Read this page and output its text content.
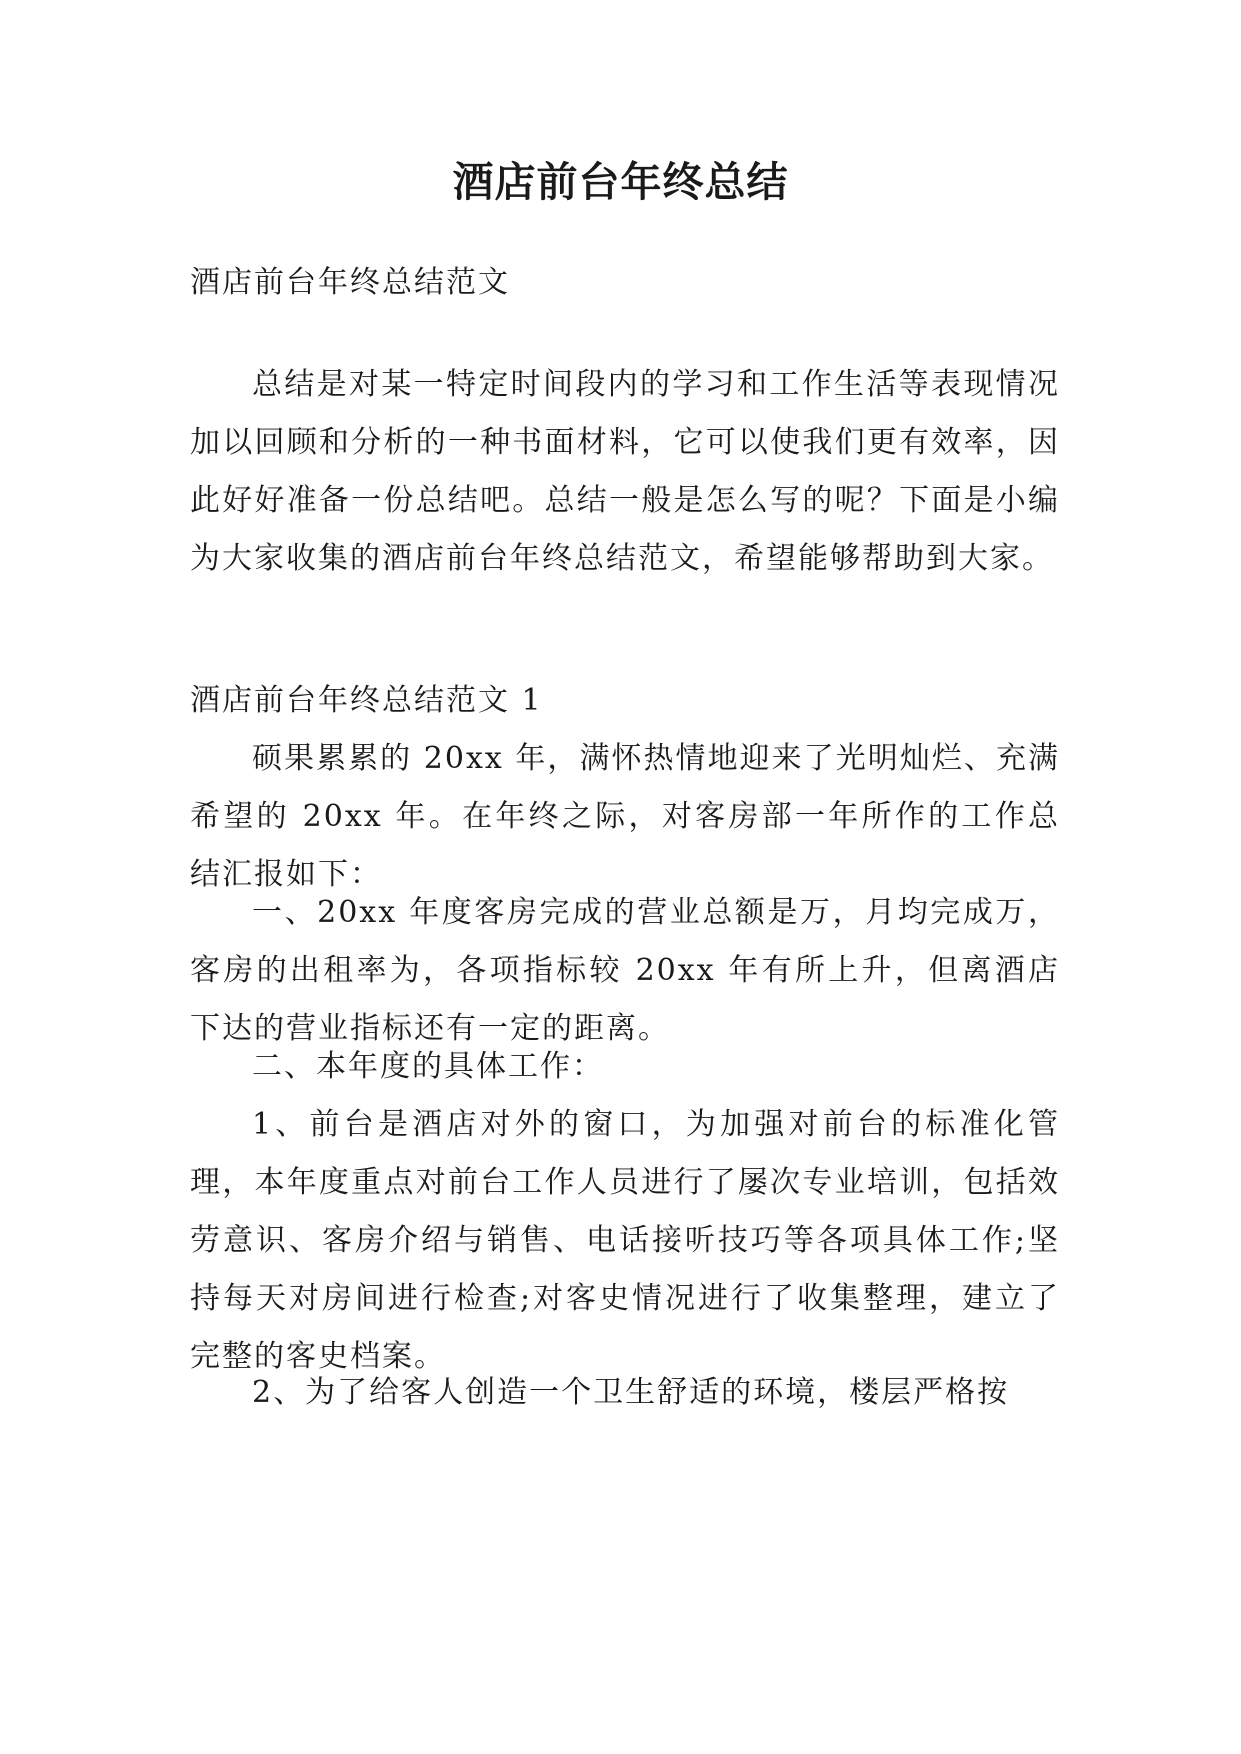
酒店前台年终总结
酒店前台年终总结范文
总结是对某一特定时间段内的学习和工作生活等表现情况加以回顾和分析的一种书面材料，它可以使我们更有效率，因此好好准备一份总结吧。总结一般是怎么写的呢？下面是小编为大家收集的酒店前台年终总结范文，希望能够帮助到大家。
酒店前台年终总结范文 1
硕果累累的 20xx 年，满怀热情地迎来了光明灿烂、充满希望的 20xx 年。在年终之际，对客房部一年所作的工作总结汇报如下：
一、20xx 年度客房完成的营业总额是万，月均完成万，客房的出租率为，各项指标较 20xx 年有所上升，但离酒店下达的营业指标还有一定的距离。
二、本年度的具体工作：
1、前台是酒店对外的窗口，为加强对前台的标准化管理，本年度重点对前台工作人员进行了屡次专业培训，包括效劳意识、客房介绍与销售、电话接听技巧等各项具体工作;坚持每天对房间进行检查;对客史情况进行了收集整理，建立了完整的客史档案。
2、为了给客人创造一个卫生舒适的环境，楼层严格按
